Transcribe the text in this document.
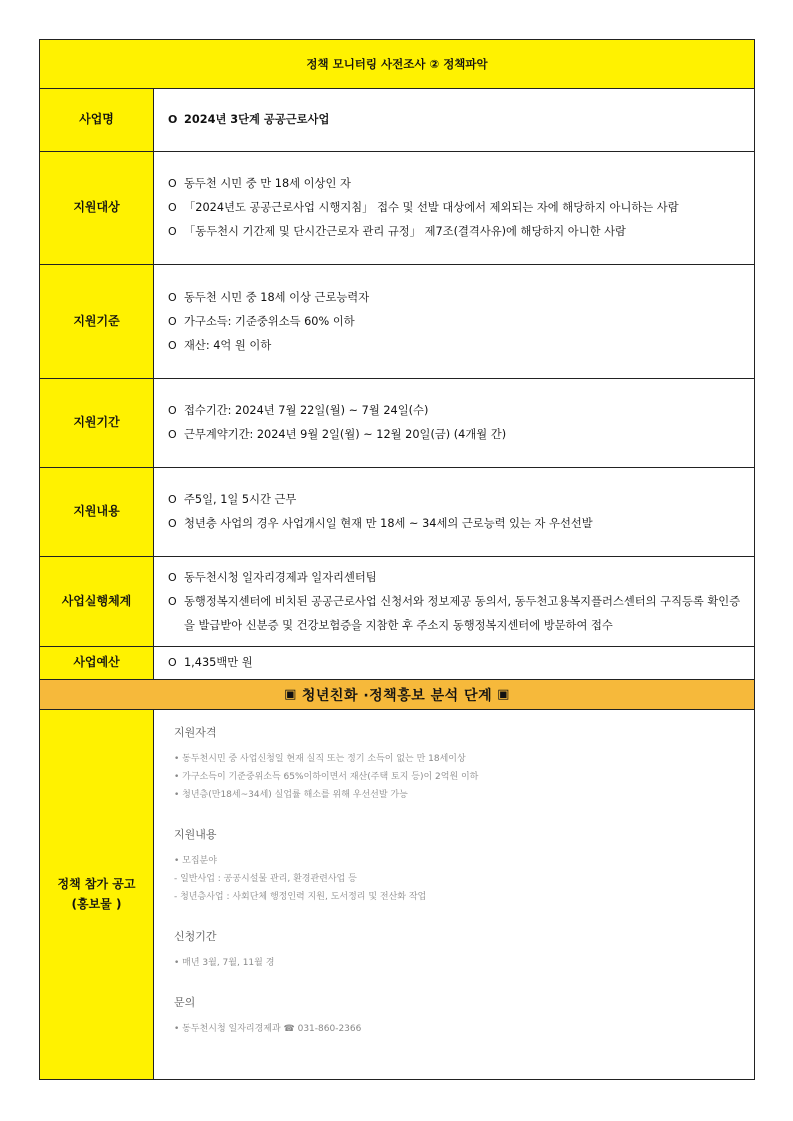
정책 모니터링 사전조사 ② 정책파악
사업명	O 2024년 3단계 공공근로사업
지원대상
O 동두천 시민 중 만 18세 이상인 자
O 「2024년도 공공근로사업 시행지침」 접수 및 선발 대상에서 제외되는 자에 해당하지 아니하는 사람
O 「동두천시 기간제 및 단시간근로자 관리 규정」 제7조(결격사유)에 해당하지 아니한 사람
지원기준
O 동두천 시민 중 18세 이상 근로능력자
O 가구소득: 기준중위소득 60% 이하
O 재산: 4억 원 이하
지원기간
O 접수기간: 2024년 7월 22일(월) ~ 7월 24일(수)
O 근무계약기간: 2024년 9월 2일(월) ~ 12월 20일(금) (4개월 간)
지원내용
O 주5일, 1일 5시간 근무
O 청년층 사업의 경우 사업개시일 현재 만 18세 ~ 34세의 근로능력 있는 자 우선선발
사업실행체계
O 동두천시청 일자리경제과 일자리센터팀
O 동행정복지센터에 비치된 공공근로사업 신청서와 정보제공 동의서, 동두천고용복지플러스센터의 구직등록 확인증을 발급받아 신분증 및 건강보험증을 지참한 후 주소지 동행정복지센터에 방문하여 접수
사업예산	O 1,435백만 원
▣ 청년친화 ·정책홍보 분석 단계 ▣
정책 참가 공고
(홍보물 )
지원자격
• 동두천시민 중 사업신청일 현재 실직 또는 정기 소득이 없는 만 18세이상
• 가구소득이 기준중위소득 65%이하이면서 재산(주택 토지 등)이 2억원 이하
• 청년층(만18세~34세) 실업률 해소를 위해 우선선발 가능
지원내용
• 모집분야
- 일반사업 : 공공시설물 관리, 환경관련사업 등
- 청년층사업 : 사회단체 행정인력 지원, 도서정리 및 전산화 작업
신청기간
• 매년 3월, 7월, 11월 경
문의
• 동두천시청 일자리경제과 ☎ 031-860-2366
